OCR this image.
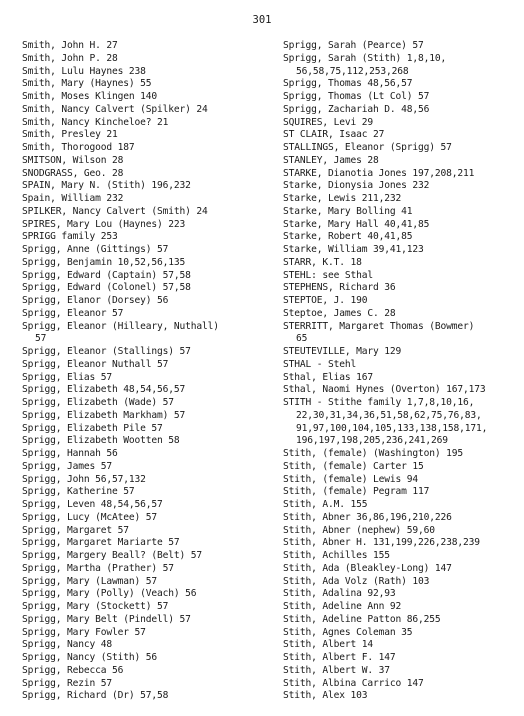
301
Smith, John H. 27
Smith, John P. 28
Smith, Lulu Haynes 238
Smith, Mary (Haynes) 55
Smith, Moses Klingen 140
Smith, Nancy Calvert (Spilker) 24
Smith, Nancy Kincheloe? 21
Smith, Presley 21
Smith, Thorogood 187
SMITSON, Wilson 28
SNODGRASS, Geo. 28
SPAIN, Mary N. (Stith) 196,232
Spain, William 232
SPILKER, Nancy Calvert (Smith) 24
SPIRES, Mary Lou (Haynes) 223
SPRIGG family 253
Sprigg, Anne (Gittings) 57
Sprigg, Benjamin 10,52,56,135
Sprigg, Edward (Captain) 57,58
Sprigg, Edward (Colonel) 57,58
Sprigg, Elanor (Dorsey) 56
Sprigg, Eleanor 57
Sprigg, Eleanor (Hilleary, Nuthall)
57
Sprigg, Eleanor (Stallings) 57
Sprigg, Eleanor Nuthall 57
Sprigg, Elias 57
Sprigg, Elizabeth 48,54,56,57
Sprigg, Elizabeth (Wade) 57
Sprigg, Elizabeth Markham) 57
Sprigg, Elizabeth Pile 57
Sprigg, Elizabeth Wootten 58
Sprigg, Hannah 56
Sprigg, James 57
Sprigg, John 56,57,132
Sprigg, Katherine 57
Sprigg, Leven 48,54,56,57
Sprigg, Lucy (McAtee) 57
Sprigg, Margaret 57
Sprigg, Margaret Mariarte 57
Sprigg, Margery Beall? (Belt) 57
Sprigg, Martha (Prather) 57
Sprigg, Mary (Lawman) 57
Sprigg, Mary (Polly) (Veach) 56
Sprigg, Mary (Stockett) 57
Sprigg, Mary Belt (Pindell) 57
Sprigg, Mary Fowler 57
Sprigg, Nancy 48
Sprigg, Nancy (Stith) 56
Sprigg, Rebecca 56
Sprigg, Rezin 57
Sprigg, Richard (Dr) 57,58
Sprigg, Sarah (Pearce) 57
Sprigg, Sarah (Stith) 1,8,10,
56,58,75,112,253,268
Sprigg, Thomas 48,56,57
Sprigg, Thomas (Lt Col) 57
Sprigg, Zachariah D. 48,56
SQUIRES, Levi 29
ST CLAIR, Isaac 27
STALLINGS, Eleanor (Sprigg) 57
STANLEY, James 28
STARKE, Dianotia Jones 197,208,211
Starke, Dionysia Jones 232
Starke, Lewis 211,232
Starke, Mary Bolling 41
Starke, Mary Hall 40,41,85
Starke, Robert 40,41,85
Starke, William 39,41,123
STARR, K.T. 18
STEHL: see Sthal
STEPHENS, Richard 36
STEPTOE, J. 190
Steptoe, James C. 28
STERRITT, Margaret Thomas (Bowmer)
65
STEUTEVILLE, Mary 129
STHAL - Stehl
Sthal, Elias 167
Sthal, Naomi Hynes (Overton) 167,173
STITH - Stithe family 1,7,8,10,16,
22,30,31,34,36,51,58,62,75,76,83,
91,97,100,104,105,133,138,158,171,
196,197,198,205,236,241,269
Stith, (female) (Washington) 195
Stith, (female) Carter 15
Stith, (female) Lewis 94
Stith, (female) Pegram 117
Stith, A.M. 155
Stith, Abner 36,86,196,210,226
Stith, Abner (nephew) 59,60
Stith, Abner H. 131,199,226,238,239
Stith, Achilles 155
Stith, Ada (Bleakley-Long) 147
Stith, Ada Volz (Rath) 103
Stith, Adalina 92,93
Stith, Adeline Ann 92
Stith, Adeline Patton 86,255
Stith, Agnes Coleman 35
Stith, Albert 14
Stith, Albert F. 147
Stith, Albert W. 37
Stith, Albina Carrico 147
Stith, Alex 103
